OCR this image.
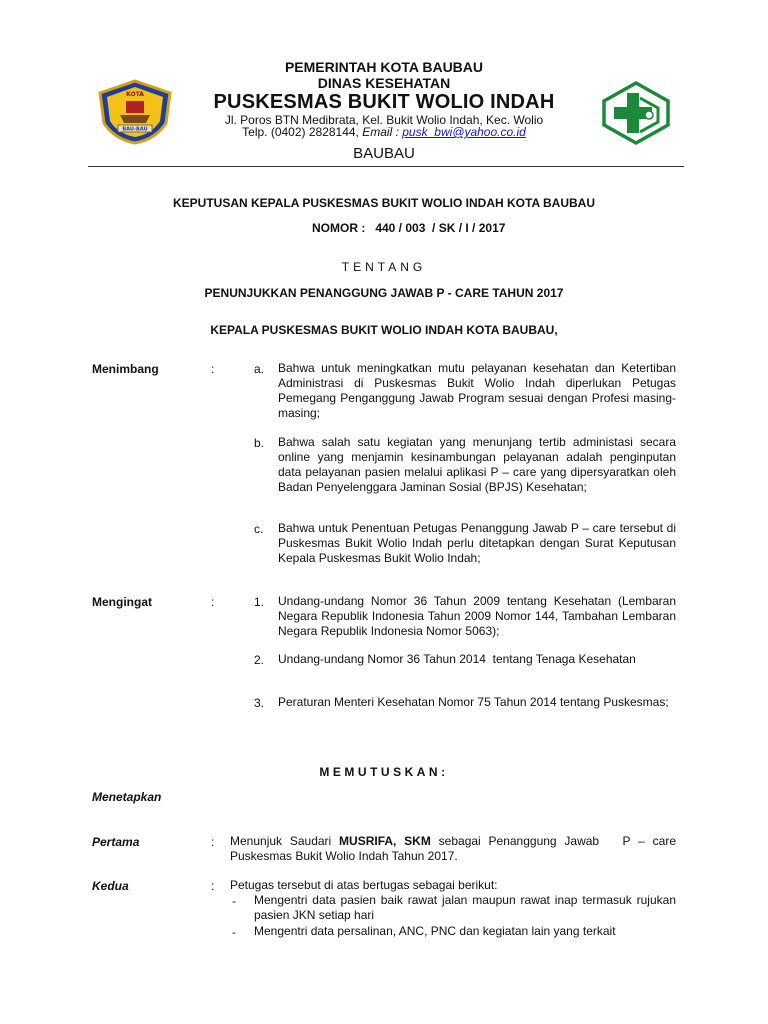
KOTA
BAU-BAU
PEMERINTAH KOTA BAUBAU
DINAS KESEHATAN
PUSKESMAS BUKIT WOLIO INDAH
Jl. Poros BTN Medibrata, Kel. Bukit Wolio Indah, Kec. Wolio
Telp. (0402) 2828144, Email : pusk_bwi@yahoo.co.id
BAUBAU
KEPUTUSAN KEPALA PUSKESMAS BUKIT WOLIO INDAH KOTA BAUBAU
NOMOR :   440 / 003  / SK / I / 2017
TENTANG
PENUNJUKKAN PENANGGUNG JAWAB P - CARE TAHUN 2017
KEPALA PUSKESMAS BUKIT WOLIO INDAH KOTA BAUBAU,
Menimbang	:	a. Bahwa untuk meningkatkan mutu pelayanan kesehatan dan Ketertiban Administrasi di Puskesmas Bukit Wolio Indah diperlukan Petugas Pemegang Penganggung Jawab Program sesuai dengan Profesi masing-masing;
b. Bahwa salah satu kegiatan yang menunjang tertib administasi secara online yang menjamin kesinambungan pelayanan adalah penginputan data pelayanan pasien melalui aplikasi P – care yang dipersyaratkan oleh Badan Penyelenggara Jaminan Sosial (BPJS) Kesehatan;
c. Bahwa untuk Penentuan Petugas Penanggung Jawab P – care tersebut di Puskesmas Bukit Wolio Indah perlu ditetapkan dengan Surat Keputusan Kepala Puskesmas Bukit Wolio Indah;
Mengingat	:	1. Undang-undang Nomor 36 Tahun 2009 tentang Kesehatan (Lembaran Negara Republik Indonesia Tahun 2009 Nomor 144, Tambahan Lembaran Negara Republik Indonesia Nomor 5063);
2. Undang-undang Nomor 36 Tahun 2014  tentang Tenaga Kesehatan
3. Peraturan Menteri Kesehatan Nomor 75 Tahun 2014 tentang Puskesmas;
MEMUTUSKAN:
Menetapkan
Pertama	: Menunjuk Saudari MUSRIFA, SKM sebagai Penanggung Jawab   P – care Puskesmas Bukit Wolio Indah Tahun 2017.
Kedua	: Petugas tersebut di atas bertugas sebagai berikut:
- Mengentri data pasien baik rawat jalan maupun rawat inap termasuk rujukan pasien JKN setiap hari
- Mengentri data persalinan, ANC, PNC dan kegiatan lain yang terkait
